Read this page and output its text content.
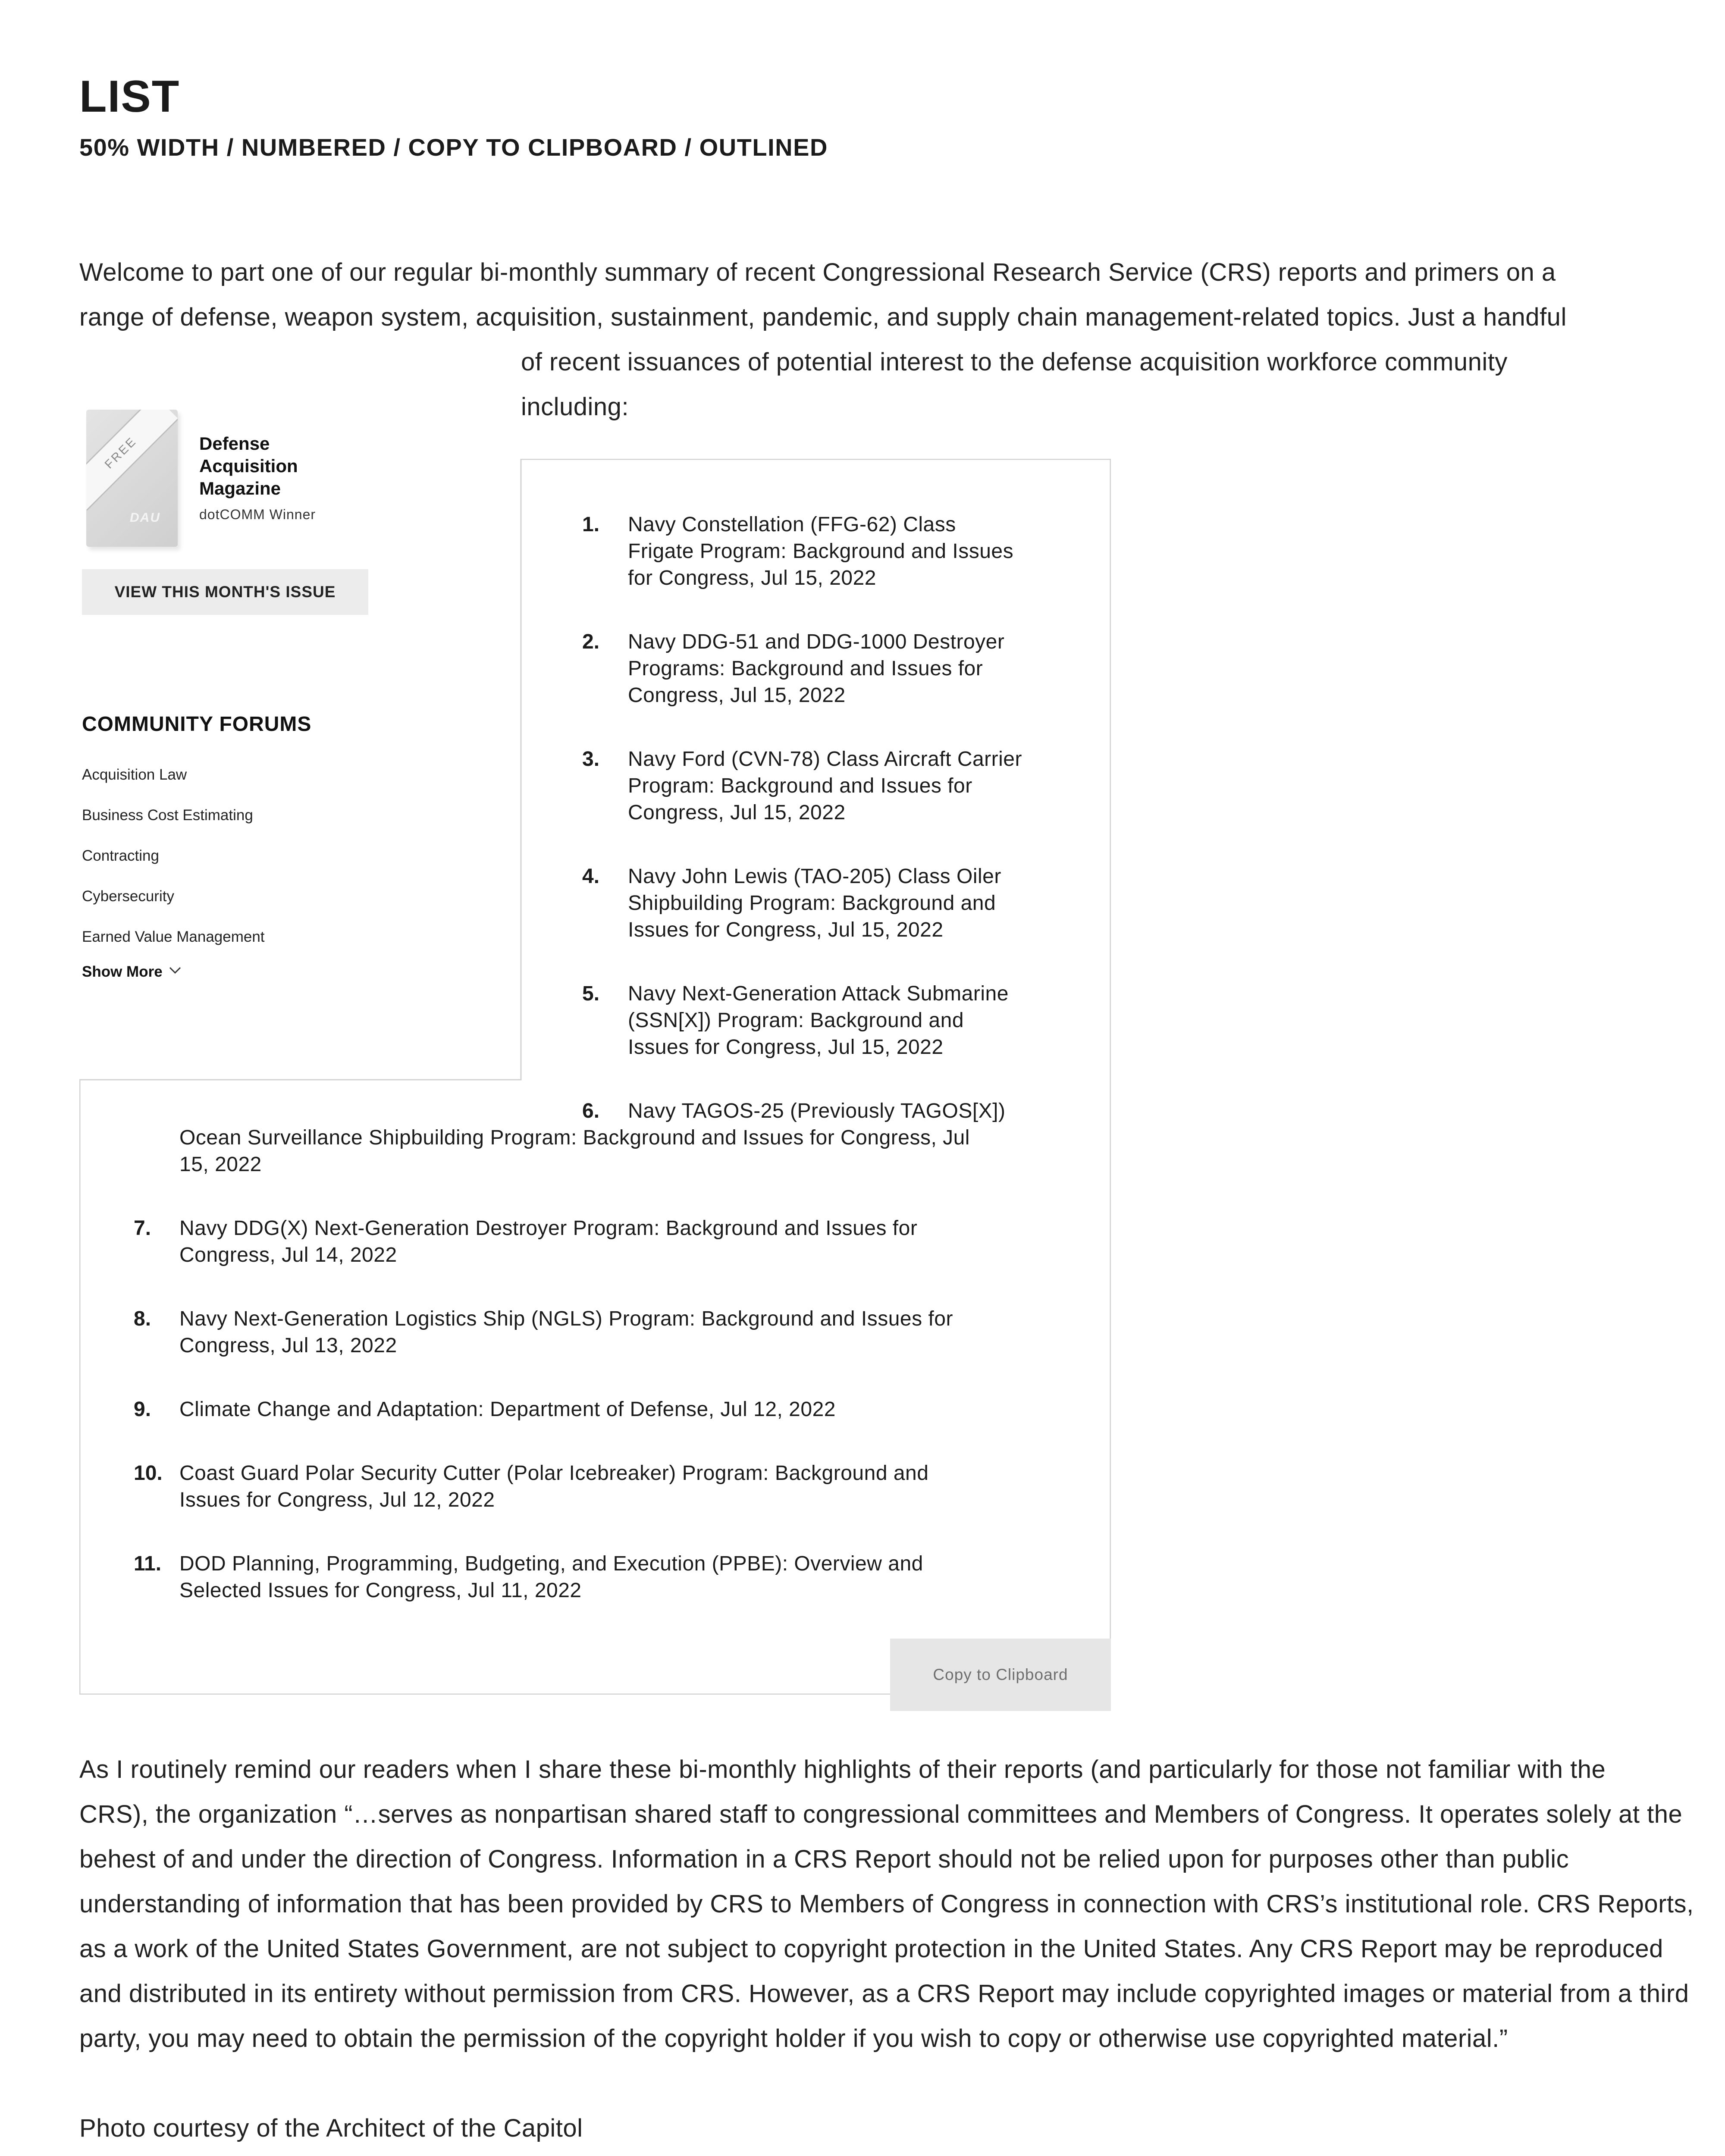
LIST
50% WIDTH / NUMBERED / COPY TO CLIPBOARD / OUTLINED
Welcome to part one of our regular bi-monthly summary of recent Congressional Research Service (CRS) reports and primers on a
range of defense, weapon system, acquisition, sustainment, pandemic, and supply chain management-related topics. Just a handful
of recent issuances of potential interest to the defense acquisition workforce community
including:
FREE
DAU
Defense Acquisition Magazine
dotCOMM Winner
VIEW THIS MONTH'S ISSUE
COMMUNITY FORUMS
Acquisition Law
Business Cost Estimating
Contracting
Cybersecurity
Earned Value Management
Show More
1. Navy Constellation (FFG-62) Class
Frigate Program: Background and Issues
for Congress, Jul 15, 2022
2. Navy DDG-51 and DDG-1000 Destroyer
Programs: Background and Issues for
Congress, Jul 15, 2022
3. Navy Ford (CVN-78) Class Aircraft Carrier
Program: Background and Issues for
Congress, Jul 15, 2022
4. Navy John Lewis (TAO-205) Class Oiler
Shipbuilding Program: Background and
Issues for Congress, Jul 15, 2022
5. Navy Next-Generation Attack Submarine
(SSN[X]) Program: Background and
Issues for Congress, Jul 15, 2022
6. Navy TAGOS-25 (Previously TAGOS[X])
Ocean Surveillance Shipbuilding Program: Background and Issues for Congress, Jul
15, 2022
7. Navy DDG(X) Next-Generation Destroyer Program: Background and Issues for
Congress, Jul 14, 2022
8. Navy Next-Generation Logistics Ship (NGLS) Program: Background and Issues for
Congress, Jul 13, 2022
9. Climate Change and Adaptation: Department of Defense, Jul 12, 2022
10. Coast Guard Polar Security Cutter (Polar Icebreaker) Program: Background and
Issues for Congress, Jul 12, 2022
11. DOD Planning, Programming, Budgeting, and Execution (PPBE): Overview and
Selected Issues for Congress, Jul 11, 2022
Copy to Clipboard
As I routinely remind our readers when I share these bi-monthly highlights of their reports (and particularly for those not familiar with the
CRS), the organization “…serves as nonpartisan shared staff to congressional committees and Members of Congress. It operates solely at the
behest of and under the direction of Congress. Information in a CRS Report should not be relied upon for purposes other than public
understanding of information that has been provided by CRS to Members of Congress in connection with CRS’s institutional role. CRS Reports,
as a work of the United States Government, are not subject to copyright protection in the United States. Any CRS Report may be reproduced
and distributed in its entirety without permission from CRS. However, as a CRS Report may include copyrighted images or material from a third
party, you may need to obtain the permission of the copyright holder if you wish to copy or otherwise use copyrighted material.”
Photo courtesy of the Architect of the Capitol
